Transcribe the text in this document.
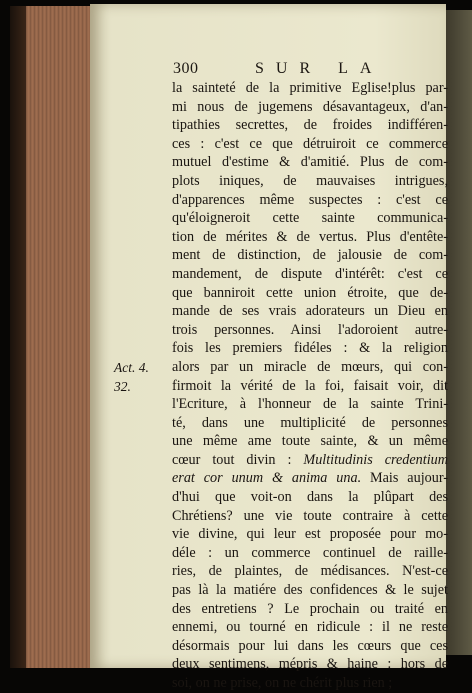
300	SUR LA
Act. 4.
32.
la sainteté de la primitive Eglise!plus par-
mi nous de jugemens désavantageux, d'an-
tipathies secrettes, de froides indifféren-
ces : c'est ce que détruiroit ce commerce
mutuel d'estime & d'amitié. Plus de com-
plots iniques, de mauvaises intrigues,
d'apparences même suspectes : c'est ce
qu'éloigneroit cette sainte communica-
tion de mérites & de vertus. Plus d'entête-
ment de distinction, de jalousie de com-
mandement, de dispute d'intérêt: c'est ce
que banniroit cette union étroite, que de-
mande de ses vrais adorateurs un Dieu en
trois personnes. Ainsi l'adoroient autre-
fois les premiers fidéles : & la religion
alors par un miracle de mœurs, qui con-
firmoit la vérité de la foi, faisait voir, dit
l'Ecriture, à l'honneur de la sainte Trini-
té, dans une multiplicité de personnes
une même ame toute sainte, & un même
cœur tout divin : Multitudinis credentium
erat cor unum & anima una. Mais aujour-
d'hui que voit-on dans la plûpart des
Chrétiens? une vie toute contraire à cette
vie divine, qui leur est proposée pour mo-
déle : un commerce continuel de raille-
ries, de plaintes, de médisances. N'est-ce
pas là la matiére des confidences & le sujet
des entretiens ? Le prochain ou traité en
ennemi, ou tourné en ridicule : il ne reste
désormais pour lui dans les cœurs que ces
deux sentimens, mépris & haine : hors de
soi, on ne prise, on ne chérit plus rien ;
